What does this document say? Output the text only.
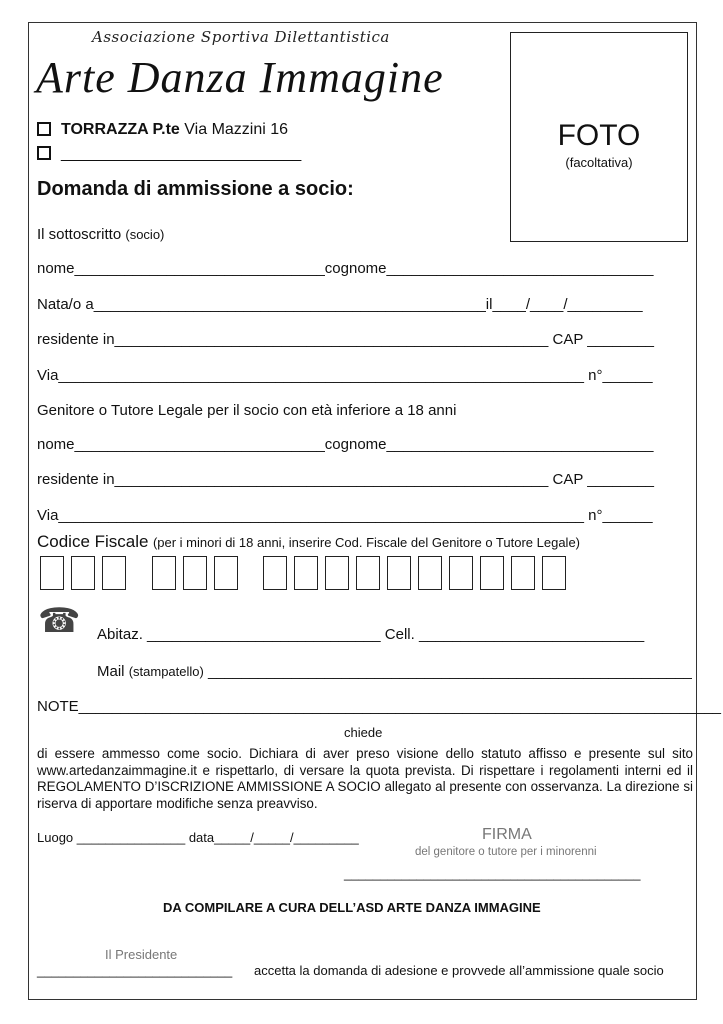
Associazione Sportiva Dilettantistica
Arte Danza Immagine
FOTO
(facoltativa)
TORRAZZA P.te Via Mazzini 16
___________________________
Domanda di ammissione a socio:
Il sottoscritto (socio)
nome______________________________cognome________________________________
Nata/o a_______________________________________________il____/____/_________
residente in____________________________________________________ CAP ________
Via_______________________________________________________________ n°______
Genitore o Tutore Legale per il socio con età inferiore a 18 anni
nome______________________________cognome________________________________
residente in____________________________________________________ CAP ________
Via_______________________________________________________________ n°______
Codice Fiscale (per i minori di 18 anni, inserire Cod. Fiscale del Genitore o Tutore Legale)
☎ Abitaz. ____________________________ Cell. ___________________________
Mail (stampatello) __________________________________________________________
NOTE_____________________________________________________________________________
chiede
di essere ammesso come socio. Dichiara di aver preso visione dello statuto affisso e presente sul sito www.artedanzaimmagine.it e rispettarlo, di versare la quota prevista. Di rispettare i regolamenti interni ed il REGOLAMENTO D’ISCRIZIONE AMMISSIONE A SOCIO allegato al presente con osservanza. La direzione si riserva di apportare modifiche senza preavviso.
Luogo _______________ data_____/_____/_________	FIRMA
del genitore o tutore per i minorenni
_________________________________________
DA COMPILARE A CURA DELL’ASD ARTE DANZA IMMAGINE
Il Presidente
___________________________ accetta la domanda di adesione e provvede all’ammissione quale socio
